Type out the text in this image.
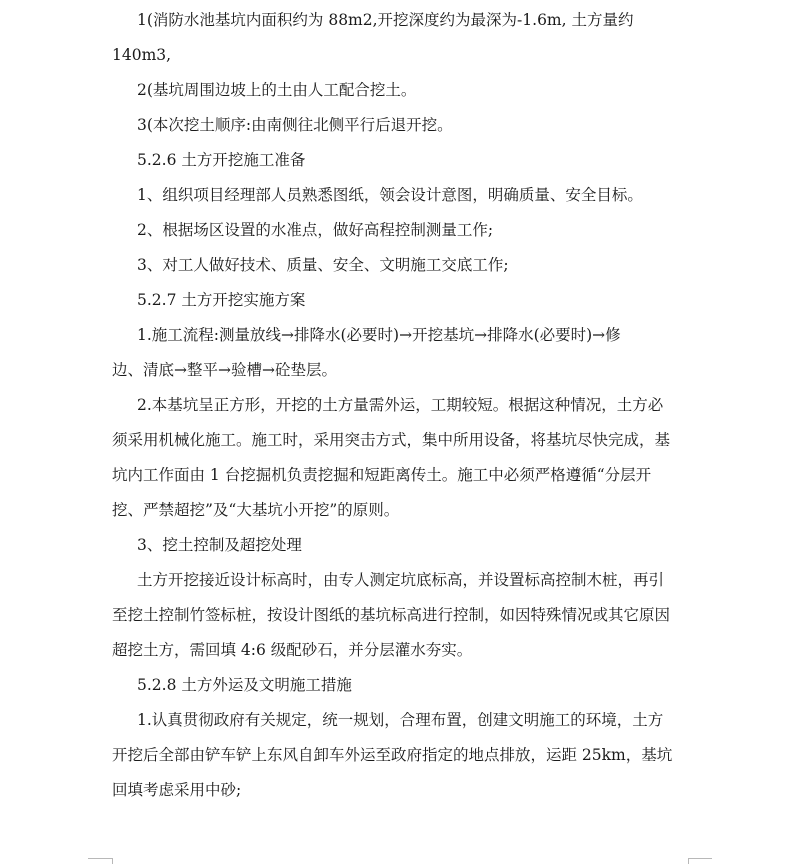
1(消防水池基坑内面积约为 88m2,开挖深度约为最深为-1.6m, 土方量约
140m3,
2(基坑周围边坡上的土由人工配合挖土。
3(本次挖土顺序:由南侧往北侧平行后退开挖。
5.2.6 土方开挖施工准备
1、组织项目经理部人员熟悉图纸，领会设计意图，明确质量、安全目标。
2、根据场区设置的水准点，做好高程控制测量工作;
3、对工人做好技术、质量、安全、文明施工交底工作;
5.2.7 土方开挖实施方案
1.施工流程:测量放线→排降水(必要时)→开挖基坑→排降水(必要时)→修
边、清底→整平→验槽→砼垫层。
2.本基坑呈正方形，开挖的土方量需外运，工期较短。根据这种情况，土方必
须采用机械化施工。施工时，采用突击方式，集中所用设备，将基坑尽快完成，基
坑内工作面由 1 台挖掘机负责挖掘和短距离传土。施工中必须严格遵循“分层开
挖、严禁超挖”及“大基坑小开挖”的原则。
3、挖土控制及超挖处理
土方开挖接近设计标高时，由专人测定坑底标高，并设置标高控制木桩，再引
至挖土控制竹签标桩，按设计图纸的基坑标高进行控制，如因特殊情况或其它原因
超挖土方，需回填 4:6 级配砂石，并分层灌水夯实。
5.2.8 土方外运及文明施工措施
1.认真贯彻政府有关规定，统一规划，合理布置，创建文明施工的环境，土方
开挖后全部由铲车铲上东风自卸车外运至政府指定的地点排放，运距 25km，基坑
回填考虑采用中砂;
